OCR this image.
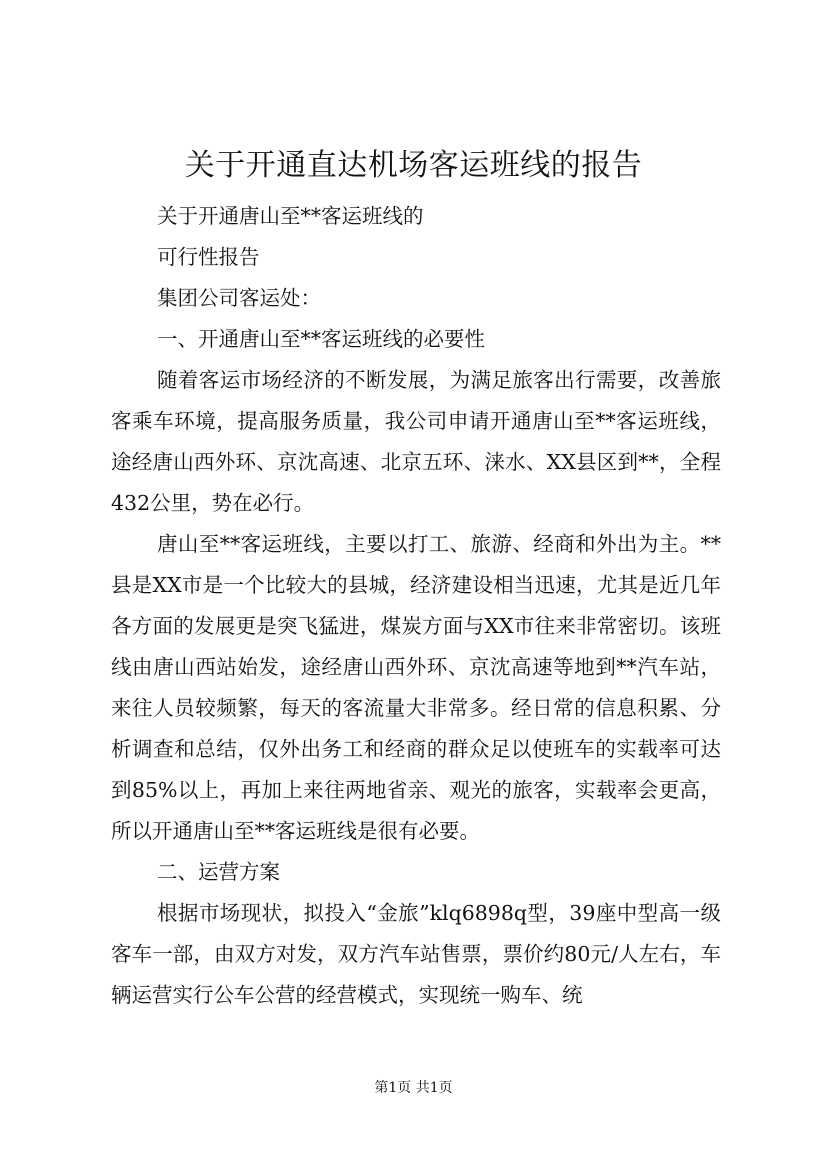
关于开通直达机场客运班线的报告

关于开通唐山至**客运班线的

可行性报告

集团公司客运处：

一、开通唐山至**客运班线的必要性

随着客运市场经济的不断发展，为满足旅客出行需要，改善旅客乘车环境，提高服务质量，我公司申请开通唐山至**客运班线，途经唐山西外环、京沈高速、北京五环、涞水、XX县区到**，全程432公里，势在必行。

唐山至**客运班线，主要以打工、旅游、经商和外出为主。**县是XX市是一个比较大的县城，经济建设相当迅速，尤其是近几年各方面的发展更是突飞猛进，煤炭方面与XX市往来非常密切。该班线由唐山西站始发，途经唐山西外环、京沈高速等地到**汽车站，来往人员较频繁，每天的客流量大非常多。经日常的信息积累、分析调查和总结，仅外出务工和经商的群众足以使班车的实载率可达到85%以上，再加上来往两地省亲、观光的旅客，实载率会更高，所以开通唐山至**客运班线是很有必要。

二、运营方案

根据市场现状，拟投入“金旅”klq6898q型，39座中型高一级客车一部，由双方对发，双方汽车站售票，票价约80元/人左右，车辆运营实行公车公营的经营模式，实现统一购车、统

第1页 共1页
